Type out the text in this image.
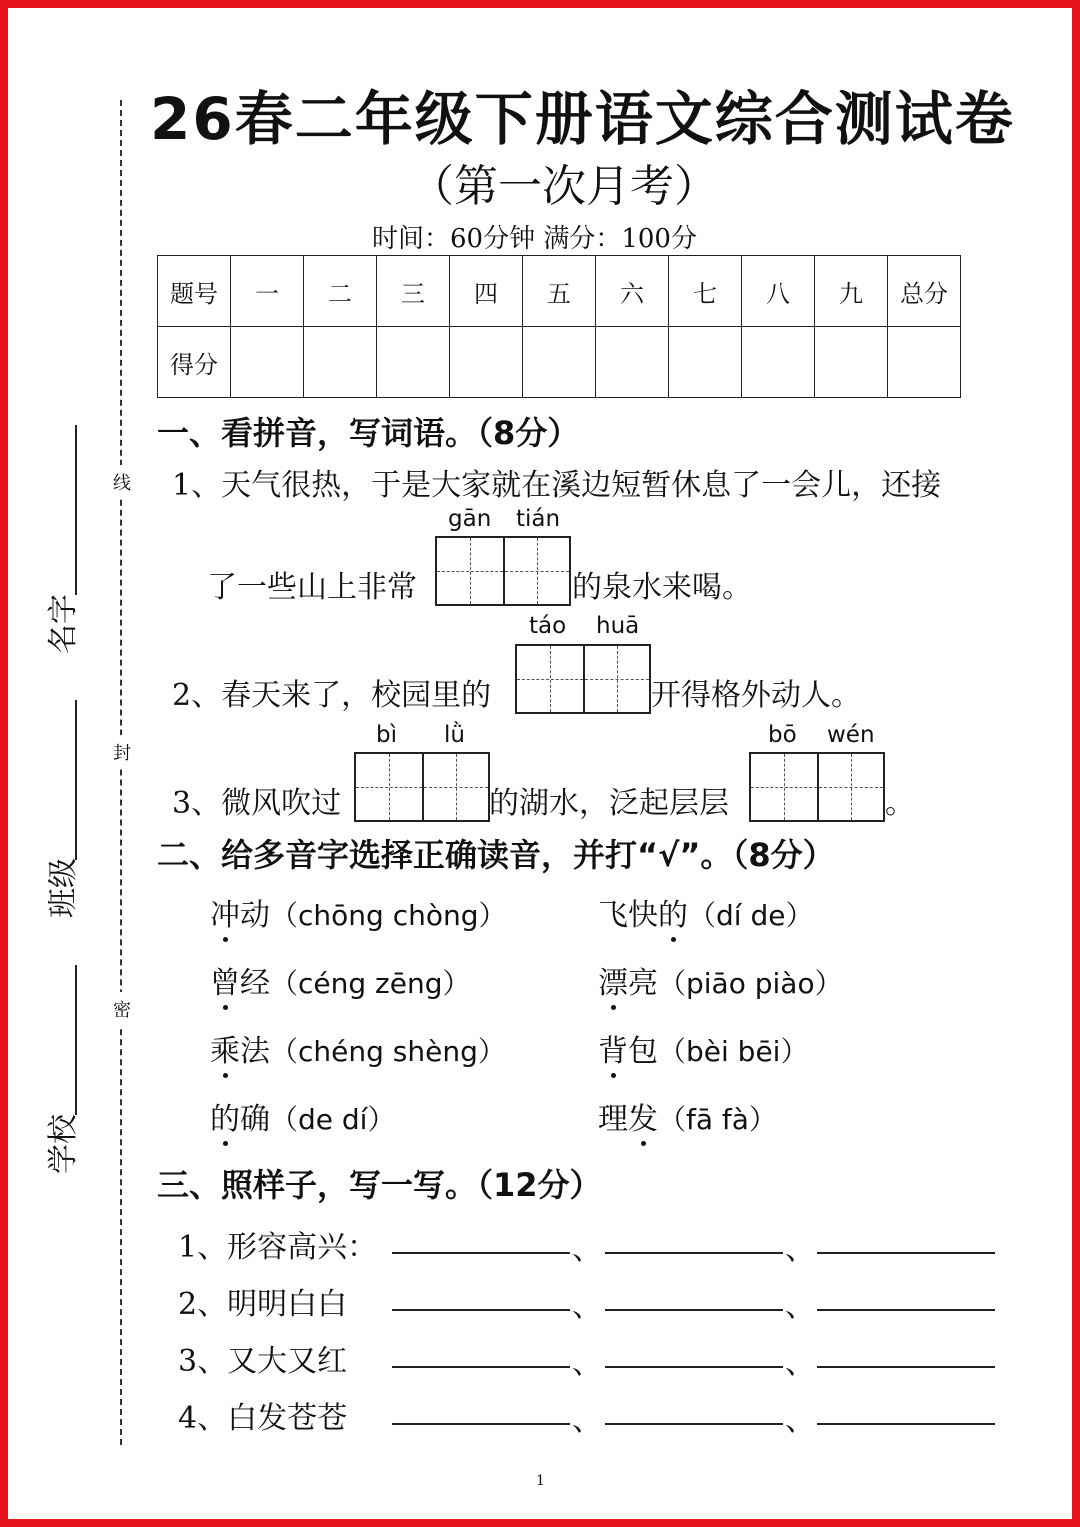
名字
班级
学校
线
封
密
26春二年级下册语文综合测试卷
（第一次月考）
时间：60分钟 满分：100分
题号	一	二	三	四	五	六	七	八	九	总分
得分										
一、看拼音，写词语。（8分）
1、天气很热，于是大家就在溪边短暂休息了一会儿，还接
gān tián
了一些山上非常	的泉水来喝。
táo huā
2、春天来了，校园里的	开得格外动人。
bì lǜ	bō wén
3、微风吹过	的湖水，泛起层层	。
二、给多音字选择正确读音，并打“√”。（8分）
冲动（chōng chòng）	飞快的（dí de）
曾经（céng zēng）	漂亮（piāo piào）
乘法（chéng shèng）	背包（bèi bēi）
的确（de dí）	理发（fā fà）
三、照样子，写一写。（12分）
1、形容高兴：
2、明明白白
3、又大又红
4、白发苍苍
、	、
、	、
、	、
、	、
1
